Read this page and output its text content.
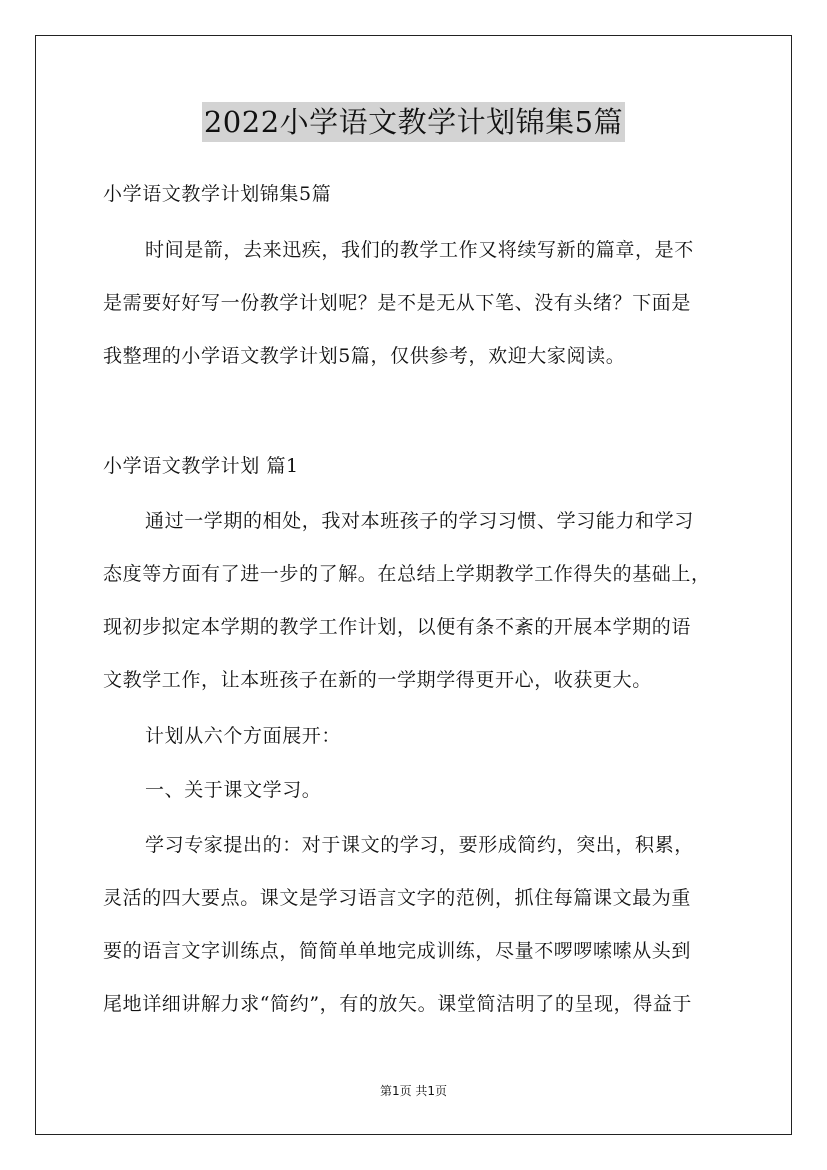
2022小学语文教学计划锦集5篇
小学语文教学计划锦集5篇
时间是箭，去来迅疾，我们的教学工作又将续写新的篇章，是不
是需要好好写一份教学计划呢？是不是无从下笔、没有头绪？下面是
我整理的小学语文教学计划5篇，仅供参考，欢迎大家阅读。
小学语文教学计划 篇1
通过一学期的相处，我对本班孩子的学习习惯、学习能力和学习
态度等方面有了进一步的了解。在总结上学期教学工作得失的基础上，
现初步拟定本学期的教学工作计划，以便有条不紊的开展本学期的语
文教学工作，让本班孩子在新的一学期学得更开心，收获更大。
计划从六个方面展开：
一、关于课文学习。
学习专家提出的：对于课文的学习，要形成简约，突出，积累，
灵活的四大要点。课文是学习语言文字的范例，抓住每篇课文最为重
要的语言文字训练点，简简单单地完成训练，尽量不啰啰嗦嗦从头到
尾地详细讲解力求“简约”，有的放矢。课堂简洁明了的呈现，得益于
第1页 共1页
